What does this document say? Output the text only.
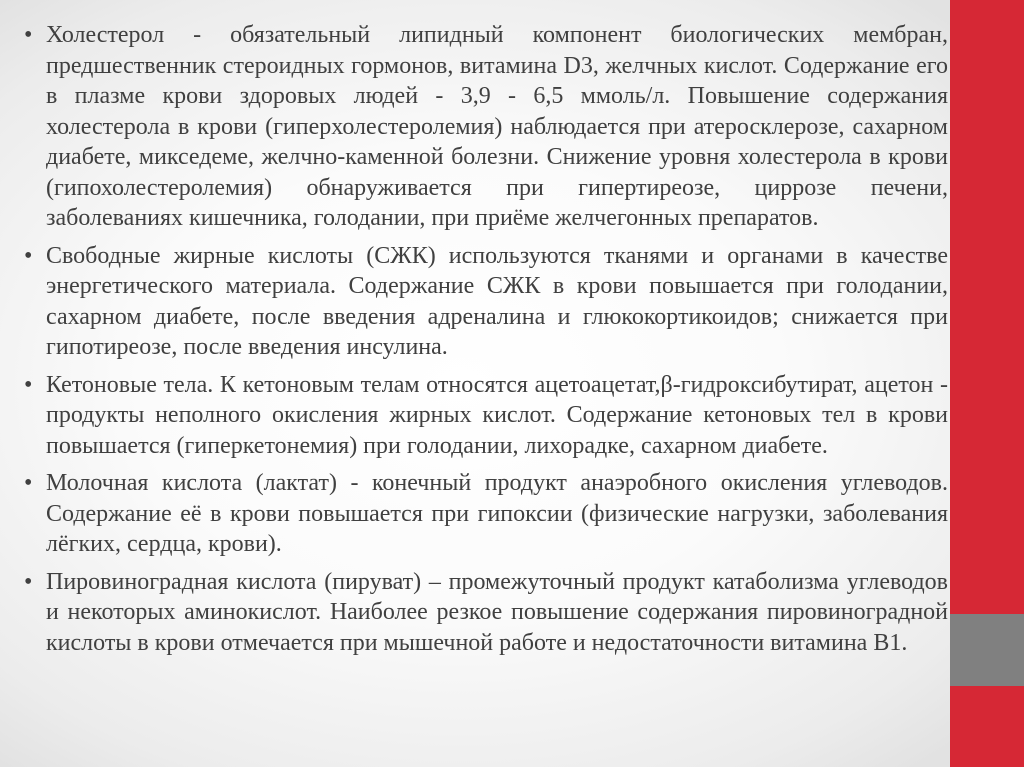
• Холестерол - обязательный липидный компонент биологических мембран, предшественник стероидных гормонов, витамина D3, желчных кислот. Содержание его в плазме крови здоровых людей - 3,9 - 6,5 ммоль/л. Повышение содержания холестерола в крови (гиперхолестеролемия) наблюдается при атеросклерозе, сахарном диабете, микседеме, желчно-каменной болезни. Снижение уровня холестерола в крови (гипохолестеролемия) обнаруживается при гипертиреозе, циррозе печени, заболеваниях кишечника, голодании, при приёме желчегонных препаратов.
• Свободные жирные кислоты (СЖК) используются тканями и органами в качестве энергетического материала. Содержание СЖК в крови повышается при голодании, сахарном диабете, после введения адреналина и глюкокортикоидов; снижается при гипотиреозе, после введения инсулина.
• Кетоновые тела. К кетоновым телам относятся ацетоацетат,β-гидроксибутират, ацетон - продукты неполного окисления жирных кислот. Содержание кетоновых тел в крови повышается (гиперкетонемия) при голодании, лихорадке, сахарном диабете.
• Молочная кислота (лактат) - конечный продукт анаэробного окисления углеводов. Содержание её в крови повышается при гипоксии (физические нагрузки, заболевания лёгких, сердца, крови).
• Пировиноградная кислота (пируват) – промежуточный продукт катаболизма углеводов и некоторых аминокислот. Наиболее резкое повышение содержания пировиноградной кислоты в крови отмечается при мышечной работе и недостаточности витамина В1.
